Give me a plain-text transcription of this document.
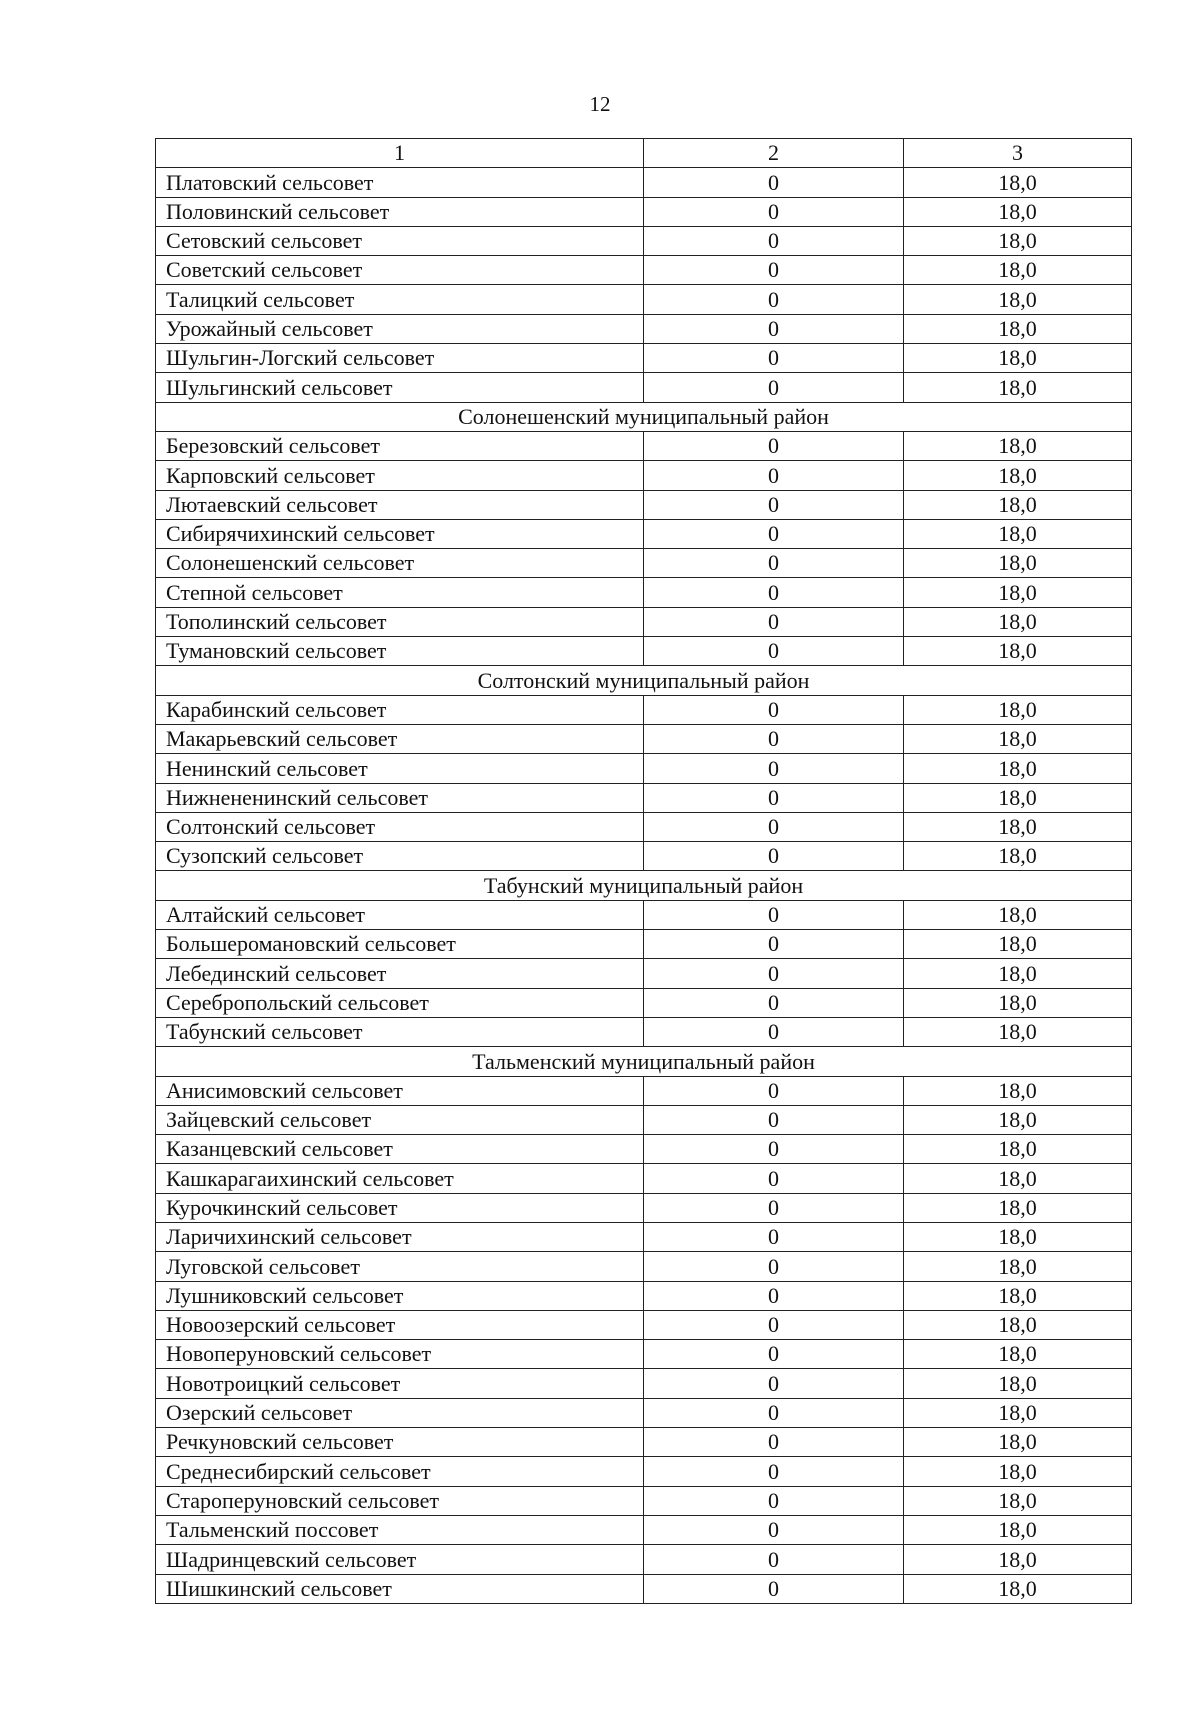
12
1	2	3
Платовский сельсовет	0	18,0
Половинский сельсовет	0	18,0
Сетовский сельсовет	0	18,0
Советский сельсовет	0	18,0
Талицкий сельсовет	0	18,0
Урожайный сельсовет	0	18,0
Шульгин-Логский сельсовет	0	18,0
Шульгинский сельсовет	0	18,0
Солонешенский муниципальный район		
Березовский сельсовет	0	18,0
Карповский сельсовет	0	18,0
Лютаевский сельсовет	0	18,0
Сибирячихинский сельсовет	0	18,0
Солонешенский сельсовет	0	18,0
Степной сельсовет	0	18,0
Тополинский сельсовет	0	18,0
Тумановский сельсовет	0	18,0
Солтонский муниципальный район		
Карабинский сельсовет	0	18,0
Макарьевский сельсовет	0	18,0
Ненинский сельсовет	0	18,0
Нижнененинский сельсовет	0	18,0
Солтонский сельсовет	0	18,0
Сузопский сельсовет	0	18,0
Табунский муниципальный район		
Алтайский сельсовет	0	18,0
Большеромановский сельсовет	0	18,0
Лебединский сельсовет	0	18,0
Серебропольский сельсовет	0	18,0
Табунский сельсовет	0	18,0
Тальменский муниципальный район		
Анисимовский сельсовет	0	18,0
Зайцевский сельсовет	0	18,0
Казанцевский сельсовет	0	18,0
Кашкарагаихинский сельсовет	0	18,0
Курочкинский сельсовет	0	18,0
Ларичихинский сельсовет	0	18,0
Луговской сельсовет	0	18,0
Лушниковский сельсовет	0	18,0
Новоозерский сельсовет	0	18,0
Новоперуновский сельсовет	0	18,0
Новотроицкий сельсовет	0	18,0
Озерский сельсовет	0	18,0
Речкуновский сельсовет	0	18,0
Среднесибирский сельсовет	0	18,0
Староперуновский сельсовет	0	18,0
Тальменский поссовет	0	18,0
Шадринцевский сельсовет	0	18,0
Шишкинский сельсовет	0	18,0
